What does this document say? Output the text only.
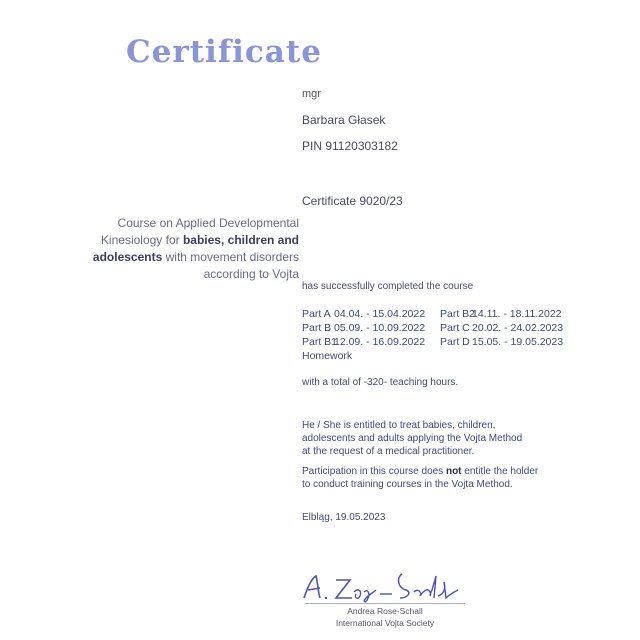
Certificate
mgr
Barbara Głasek
PIN 91120303182
Certificate 9020/23
Course on Applied Developmental
Kinesiology for babies, children and
adolescents with movement disorders
according to Vojta
has successfully completed the course
Part A 04.04. - 15.04.2022 Part B214.11. - 18.11.2022
Part B 05.09. - 10.09.2022 Part C 20.02. - 24.02.2023
Part B112.09. - 16.09.2022 Part D 15.05. - 19.05.2023
Homework
with a total of -320- teaching hours.
He / She is entitled to treat babies, children,
adolescents and adults applying the Vojta Method
at the request of a medical practitioner.
Participation in this course does not entitle the holder
to conduct training courses in the Vojta Method.
Elbląg, 19.05.2023
Andrea Rose-Schall
International Vojta Society
